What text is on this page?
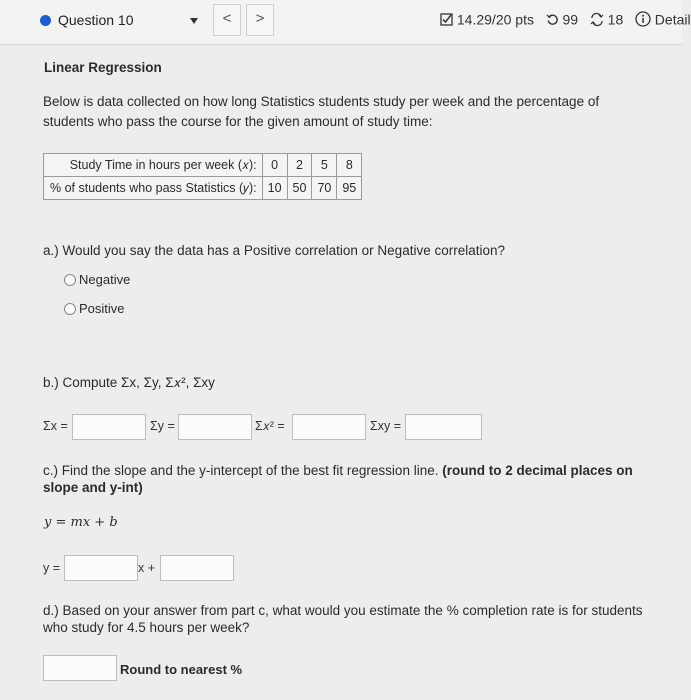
Question 10	<	>	14.29/20 pts 99 18 Detail
Linear Regression
Below is data collected on how long Statistics students study per week and the percentage of students who pass the course for the given amount of study time:
Study Time in hours per week (𝑥):	0	2	5	8
% of students who pass Statistics (𝑦):	10	50	70	95
a.) Would you say the data has a Positive correlation or Negative correlation?
Negative
Positive
b.) Compute Σx, Σy, Σ𝑥², Σxy
Σx =	Σy =	Σ𝑥² =	Σxy =
c.) Find the slope and the y-intercept of the best fit regression line. (round to 2 decimal places on slope and y-int)
y = mx + b
y =	x +
d.) Based on your answer from part c, what would you estimate the % completion rate is for students who study for 4.5 hours per week?
Round to nearest %
